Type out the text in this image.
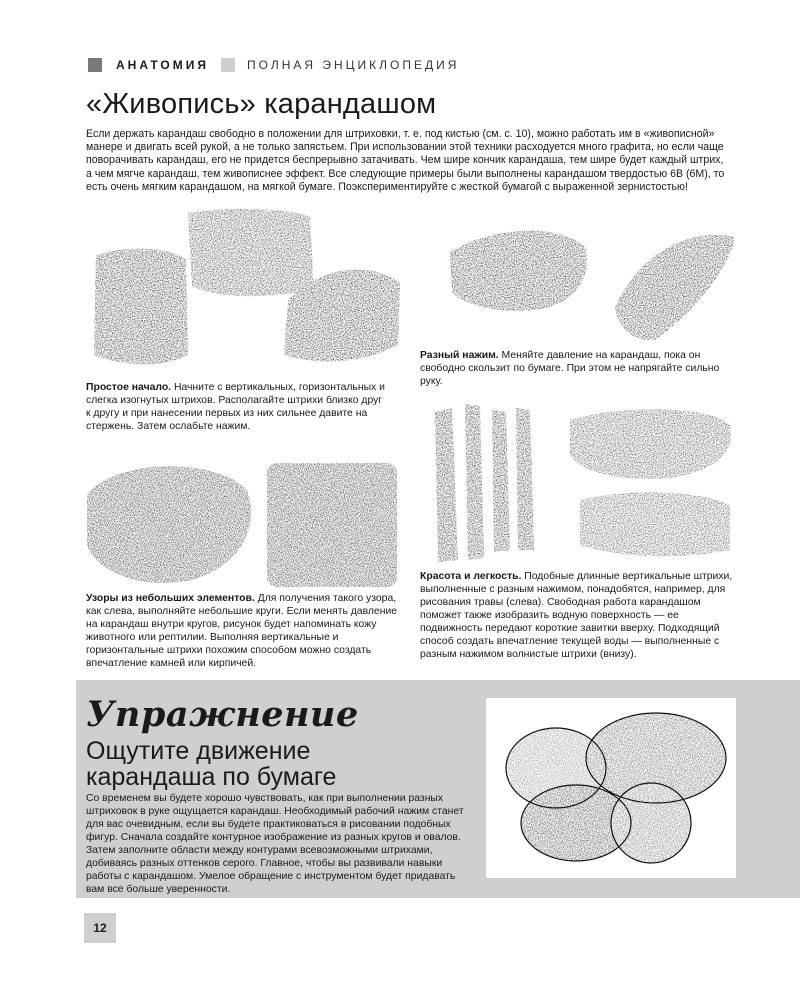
АНАТОМИЯ	ПОЛНАЯ ЭНЦИКЛОПЕДИЯ
«Живопись» карандашом

Если держать карандаш свободно в положении для штриховки, т. е. под кистью (см. с. 10), можно работать им в «живописной» манере и двигать всей рукой, а не только запястьем. При использовании этой техники расходуется много графита, но если чаще поворачивать карандаш, его не придется беспрерывно затачивать. Чем шире кончик карандаша, тем шире будет каждый штрих, а чем мягче карандаш, тем живописнее эффект. Все следующие примеры были выполнены карандашом твердостью 6B (6M), то есть очень мягким карандашом, на мягкой бумаге. Поэкспериментируйте с жесткой бумагой с выраженной зернистостью!

Простое начало. Начните с вертикальных, горизонтальных и слегка изогнутых штрихов. Располагайте штрихи близко друг к другу и при нанесении первых из них сильнее давите на стержень. Затем ослабьте нажим.

Разный нажим. Меняйте давление на карандаш, пока он свободно скользит по бумаге. При этом не напрягайте сильно руку.

Узоры из небольших элементов. Для получения такого узора, как слева, выполняйте небольшие круги. Если менять давление на карандаш внутри кругов, рисунок будет напоминать кожу животного или рептилии. Выполняя вертикальные и горизонтальные штрихи похожим способом можно создать впечатление камней или кирпичей.

Красота и легкость. Подобные длинные вертикальные штрихи, выполненные с разным нажимом, понадобятся, например, для рисования травы (слева). Свободная работа карандашом поможет также изобразить водную поверхность — ее подвижность передают короткие завитки вверху. Подходящий способ создать впечатление текущей воды — выполненные с разным нажимом волнистые штрихи (внизу).

Упражнение
Ощутите движение
карандаша по бумаге

Со временем вы будете хорошо чувствовать, как при выполнении разных штриховок в руке ощущается карандаш. Необходимый рабочий нажим станет для вас очевидным, если вы будете практиковаться в рисовании подобных фигур. Сначала создайте контурное изображение из разных кругов и овалов. Затем заполните области между контурами всевозможными штрихами, добиваясь разных оттенков серого. Главное, чтобы вы развивали навыки работы с карандашом. Умелое обращение с инструментом будет придавать вам все больше уверенности.

12
